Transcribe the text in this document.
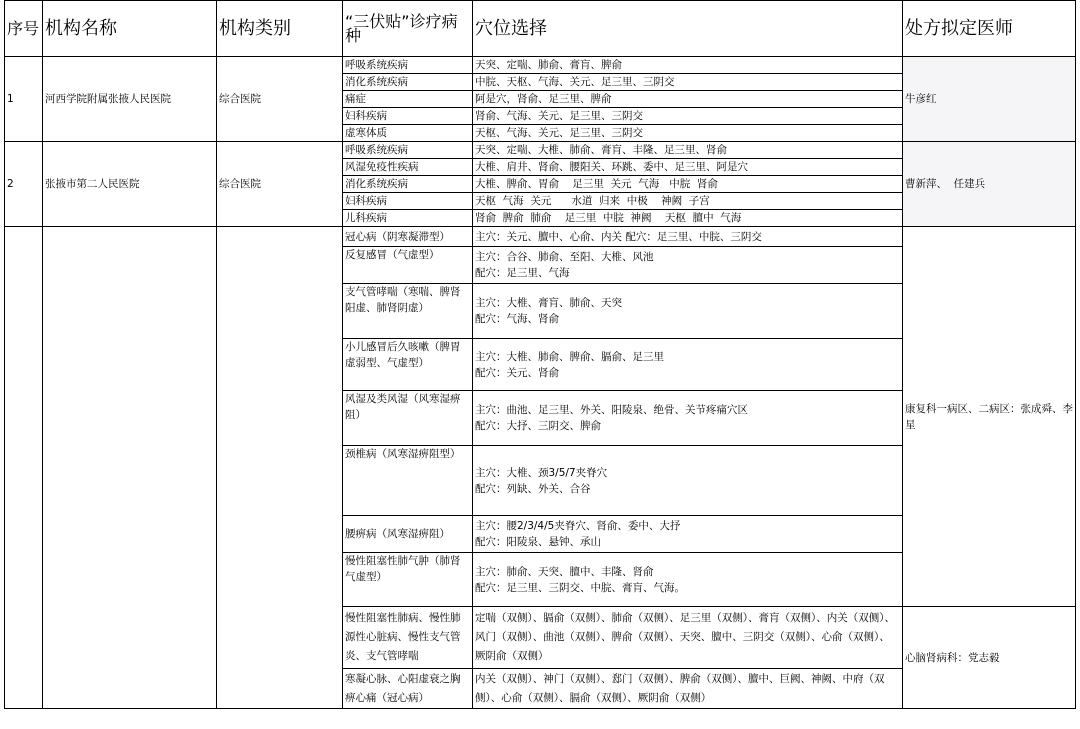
序号	机构名称	机构类别	“三伏贴”诊疗病种	穴位选择	处方拟定医师
1	河西学院附属张掖人民医院	综合医院	呼吸系统疾病	天突、定喘、肺俞、膏肓、脾俞	牛彦红
			消化系统疾病	中脘、天枢、气海、关元、足三里、三阴交	
			痛症	阿是穴，肾俞、足三里、脾俞	
			妇科疾病	肾俞、气海、关元、足三里、三阴交	
			虚寒体质	天枢、气海、关元、足三里、三阴交	
2	张掖市第二人民医院	综合医院	呼吸系统疾病	天突、定喘、大椎、肺俞、膏肓、丰隆、足三里、肾俞	曹新萍、  任建兵
			风湿免疫性疾病	大椎、肩井、肾俞、腰阳关、环跳、委中、足三里、阿是穴	
			消化系统疾病	大椎、脾俞、胃俞    足三里  关元  气海   中脘  肾俞	
			妇科疾病	天枢  气海  关元      水道  归来  中极    神阙  子宫	
			儿科疾病	肾俞  脾俞  肺俞    足三里  中脘  神阙    天枢  膻中  气海	
			冠心病（阴寒凝滞型）	主穴：关元、膻中、心俞、内关 配穴：足三里、中脘、三阴交	康复科一病区、二病区：张成舜、李星
			反复感冒（气虚型）	主穴：合谷、肺俞、至阳、大椎、风池
配穴：足三里、气海	
			支气管哮喘（寒喘、脾肾阳虚、肺肾阴虚）	主穴：大椎、膏肓、肺俞、天突
配穴：气海、肾俞	
			小儿感冒后久咳嗽（脾胃虚弱型、气虚型）	主穴：大椎、肺俞、脾俞、膈俞、足三里
配穴：关元、肾俞	
			风湿及类风湿（风寒湿痹阻）	主穴：曲池、足三里、外关、阳陵泉、绝骨、关节疼痛穴区
配穴：大抒、三阴交、脾俞	
			颈椎病（风寒湿痹阻型）	主穴：大椎、颈3/5/7夹脊穴
配穴：列缺、外关、合谷	
			腰痹病（风寒湿痹阻）	主穴：腰2/3/4/5夹脊穴、肾俞、委中、大抒
配穴：阳陵泉、悬钟、承山	
			慢性阻塞性肺气肿（肺肾气虚型）	主穴：肺俞、天突、膻中、丰隆、肾俞
配穴：足三里、三阴交、中脘、膏肓、气海。	
			慢性阻塞性肺病、慢性肺源性心脏病、慢性支气管炎、支气管哮喘	定喘（双侧）、膈俞（双侧）、肺俞（双侧）、足三里（双侧）、膏肓（双侧）、内关（双侧）、风门（双侧）、曲池（双侧）、脾俞（双侧）、天突、膻中、三阴交（双侧）、心俞（双侧）、厥阴俞（双侧）	心脑肾病科：党志毅
			寒凝心脉、心阳虚衰之胸痹心痛（冠心病）	内关（双侧）、神门（双侧）、郄门（双侧）、脾俞（双侧）、膻中、巨阙、神阙、中府（双侧）、心俞（双侧）、膈俞（双侧）、厥阴俞（双侧）	
